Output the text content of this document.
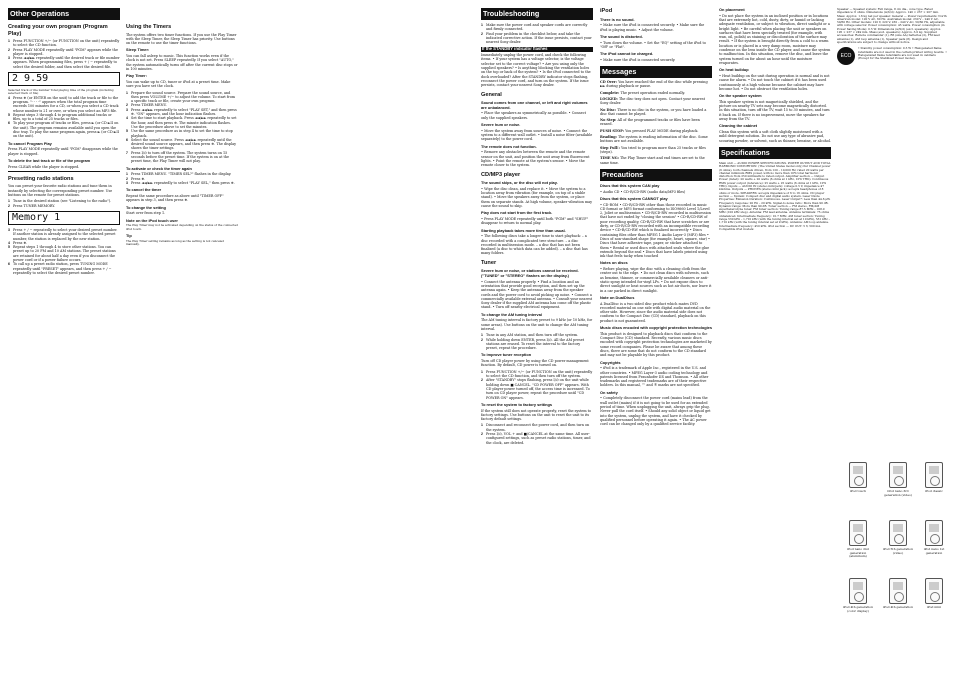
Other Operations
Creating your own program (Program Play)
1 Press FUNCTION +/− (or FUNCTION on the unit) repeatedly to select the CD function.
2 Press PLAY MODE repeatedly until "PGM" appears while the player is stopped.
3 Press ◄◄/►► repeatedly until the desired track or file number appears. When programming files, press + / − repeatedly to select the desired folder, and then select the desired file.
2 9.59
Selected track or file number Total playing time of the program (including selected track or file)
4 Press ⊕ (or ENTER on the unit) to add the track or file to the program. "- - - -" appears when the total program time exceeds 100 minutes for a CD, or when you select a CD track whose number is 21 or over, or when you select an MP3 file.
5 Repeat steps 3 through 4 to program additional tracks or files, up to a total of 25 tracks or files.
6 To play your program of tracks or files, press ► (or CD ►II on the unit). The program remains available until you open the disc tray. To play the same program again, press ► (or CD ►II on the unit).
To cancel Program Play

Press PLAY MODE repeatedly until "PGM" disappears while the player is stopped.

To delete the last track or file of the program

Press CLEAR while the player is stopped.

Presetting radio stations

You can preset your favorite radio stations and tune them in instantly by selecting the corresponding preset number. Use buttons on the remote for preset stations.

1 Tune in the desired station (see "Listening to the radio").
2 Press TUNER MEMORY.
Memory 1
3 Press + / − repeatedly to select your desired preset number. If another station is already assigned to the selected preset number, the station is replaced by the new station.
4 Press ⊕.
5 Repeat steps 1 through 4 to store other stations. You can preset up to 20 FM and 10 AM stations. The preset stations are retained for about half a day even if you disconnect the power cord or if a power failure occurs.
6 To call up a preset radio station, press TUNING MODE repeatedly until "PRESET" appears, and then press + / − repeatedly to select the desired preset number.
Using the Timers

The system offers two timer functions. If you use the Play Timer with the Sleep Timer, the Sleep Timer has priority. Use buttons on the remote to use the timer functions.

Sleep Timer:

You can fall asleep to music. This function works even if the clock is not set. Press SLEEP repeatedly. If you select "AUTO," the system automatically turns off after the current disc stops or in 100 minutes.

Play Timer:

You can wake up to CD, tuner or iPod at a preset time. Make sure you have set the clock.

1 Prepare the sound source. Prepare the sound source, and then press VOLUME +/− to adjust the volume. To start from a specific track or file, create your own program.
2 Press TIMER MENU.
3 Press ◄◄/►► repeatedly to select "PLAY SET," and then press ⊕. "ON" appears, and the hour indication flashes.
4 Set the time to start playback. Press ◄◄/►► repeatedly to set the hour, and then press ⊕. The minute indication flashes. Use the procedure above to set the minutes.
5 Use the same procedure as in step 4 to set the time to stop playback.
6 Select the sound source. Press ◄◄/►► repeatedly until the desired sound source appears, and then press ⊕. The display shows the timer settings.
7 Press I/⏻ to turn off the system. The system turns on 15 seconds before the preset time. If the system is on at the preset time, the Play Timer will not play.
To activate or check the timer again
1 Press TIMER MENU. "TIMER SEL?" flashes in the display.
2 Press ⊕.
3 Press ◄◄/►► repeatedly to select "PLAY SEL," then press ⊕.
To cancel the timer

Repeat the same procedure as above until "TIMER OFF" appears in step 3, and then press ⊕.

To change the setting

Start over from step 1.

Note on the iPod touch user

The Play Timer may not be activated depending on the status of the connected iPod touch.

Tip

The Play Timer setting remains as long as the setting is not canceled manually.

Troubleshooting
1 Make sure the power cord and speaker cords are correctly and firmly connected.
2 Find your problem in the checklist below, and take the indicated corrective action. If the issue persists, contact your nearest Sony dealer.
If the STANDBY indicator flashes

Immediately unplug the power cord, and check the following items. • If your system has a voltage selector, is the voltage selector set to the correct voltage? • Are you using only the supplied speakers? • Is anything blocking the ventilation holes on the top or back of the system? • Is the iPod connected to the dock overloaded? After the STANDBY indicator stops flashing, reconnect the power cord, and turn on the system. If the issue persists, contact your nearest Sony dealer.

General
Sound comes from one channel, or left and right volumes are unbalanced.

• Place the speakers as symmetrically as possible. • Connect only the supplied speakers.

Severe hum or noise.

• Move the system away from sources of noise. • Connect the system to a different wall outlet. • Install a noise filter (available separately) to the power cord.

The remote does not function.

• Remove any obstacles between the remote and the remote sensor on the unit, and position the unit away from fluorescent lights. • Point the remote at the system's sensor. • Move the remote closer to the system.

CD/MP3 player
The sound skips, or the disc will not play.

• Wipe the disc clean, and replace it. • Move the system to a location away from vibration (for example, on top of a stable stand). • Move the speakers away from the system, or place them on separate stands. At high volume, speaker vibration may cause the sound to skip.

Play does not start from the first track.

• Press PLAY MODE repeatedly until both "PGM" and "SHUF" disappear to return to normal play.

Starting playback takes more time than usual.

• The following discs take a longer time to start playback: – a disc recorded with a complicated tree structure. – a disc recorded in multisession mode. – a disc that has not been finalized (a disc to which data can be added). – a disc that has many folders.

Tuner
Severe hum or noise, or stations cannot be received. ("TUNED" or "STEREO" flashes on the display.)

• Connect the antenna properly. • Find a location and an orientation that provide good reception, and then set up the antenna again. • Keep the antennas away from the speaker cords and the power cord to avoid picking up noise. • Connect a commercially available external antenna. • Consult your nearest Sony dealer if the supplied AM antenna has come off the plastic stand. • Turn off nearby electrical equipment.

To change the AM tuning interval

The AM tuning interval is factory preset to 9 kHz (or 10 kHz, for some areas). Use buttons on the unit to change the AM tuning interval.

1 Tune in any AM station, and then turn off the system.
2 While holding down ENTER, press I/⏻. All the AM preset stations are erased. To reset the interval to the factory preset, repeat the procedure.
To improve tuner reception

Turn off CD player power by using the CD power management function. By default, CD power is turned on.

1 Press FUNCTION +/− (or FUNCTION on the unit) repeatedly to select the CD function, and then turn off the system.
2 After "STANDBY" stops flashing, press I/⏻ on the unit while holding down ■ CANCEL. "CD POWER OFF" appears. With CD player power turned off, the access time is increased. To turn on CD player power, repeat the procedure until "CD POWER ON" appears.
To reset the system to factory settings

If the system still does not operate properly, reset the system to factory settings. Use buttons on the unit to reset the unit to its factory default settings.

1 Disconnect and reconnect the power cord, and then turn on the system.
2 Press I/⏻, VOL + and ■/CANCEL at the same time. All user-configured settings, such as preset radio stations, timer, and the clock, are deleted.
iPod
There is no sound.

• Make sure the iPod is connected securely. • Make sure the iPod is playing music. • Adjust the volume.

The sound is distorted.

• Turn down the volume. • Set the "EQ" setting of the iPod to "Off" or "Flat".

The iPod cannot be charged.

• Make sure the iPod is connected securely.

Messages

CD Over: You have reached the end of the disc while pressing ►► during playback or pause.

Complete: The preset operation ended normally.

LOCKED: The disc tray does not open. Contact your nearest Sony dealer.

No Disc: There is no disc in the system, or you have loaded a disc that cannot be played.

No Step: All of the programmed tracks or files have been erased.

PUSH STOP: You pressed PLAY MODE during playback.

Reading: The system is reading information of the disc. Some buttons are not available.

Step Full!: You tried to program more than 25 tracks or files (steps).

TIME NG: The Play Timer start and end times are set to the same time.

Precautions
Discs that this system CAN play

• Audio CD • CD-R/CD-RW (audio data/MP3 files)

Discs that this system CANNOT play

• CD-ROM • CD-R/CD-RW other than those recorded in music CD format or MP3 format conforming to ISO9660 Level 1/Level 2, Joliet or multisession • CD-R/CD-RW recorded in multisession that have not ended by "closing the session" • CD-R/CD-RW of poor recording quality, CD-R/CD-RW that have scratches or are dirty, or CD-R/CD-RW recorded with an incompatible recording device • CD-R/CD-RW which is finalized incorrectly • Discs containing files other than MPEG 1 Audio Layer-3 (MP3) files • Discs of non-standard shape (for example, heart, square, star) • Discs that have adhesive tape, paper, or sticker attached to them • Rental or used discs with attached seals where the glue extends beyond the seal • Discs that have labels printed using ink that feels tacky when touched

Notes on discs

• Before playing, wipe the disc with a cleaning cloth from the center out to the edge. • Do not clean discs with solvents, such as benzine, thinner, or commercially available cleaners or anti-static spray intended for vinyl LPs. • Do not expose discs to direct sunlight or heat sources such as hot air ducts, nor leave it in a car parked in direct sunlight.

Note on DualDiscs

A DualDisc is a two sided disc product which mates DVD recorded material on one side with digital audio material on the other side. However, since the audio material side does not conform to the Compact Disc (CD) standard, playback on this product is not guaranteed.

Music discs encoded with copyright protection technologies

This product is designed to playback discs that conform to the Compact Disc (CD) standard. Recently, various music discs encoded with copyright protection technologies are marketed by some record companies. Please be aware that among these discs, there are some that do not conform to the CD standard and may not be playable by this product.

Copyrights

• iPod is a trademark of Apple Inc., registered in the U.S. and other countries. • MPEG Layer-3 audio coding technology and patents licensed from Fraunhofer IIS and Thomson. • All other trademarks and registered trademarks are of their respective holders. In this manual, ™ and ® marks are not specified.

On safety

• Completely disconnect the power cord (mains lead) from the wall outlet (mains) if it is not going to be used for an extended period of time. When unplugging the unit, always grip the plug. Never pull the cord itself. • Should any solid object or liquid get into the system, unplug the system, and have it checked by qualified personnel before operating it again. • The AC power cord can be changed only by a qualified service facility.

On placement

• Do not place the system in an inclined position or in locations that are extremely hot, cold, dusty, dirty, or humid or lacking adequate ventilation, or subject to vibration, direct sunlight or a bright light. • Be careful when placing the unit or speakers on surfaces that have been specially treated (for example, with wax, oil, polish) as staining or discoloration of the surface may result. • If the system is brought directly from a cold to a warm location or is placed in a very damp room, moisture may condense on the lens inside the CD player, and cause the system to malfunction. In this situation, remove the disc, and leave the system turned on for about an hour until the moisture evaporates.

On heat buildup

• Heat buildup on the unit during operation is normal and is not cause for alarm. • Do not touch the cabinet if it has been used continuously at a high volume because the cabinet may have become hot. • Do not obstruct the ventilation holes.

On the speaker system

This speaker system is not magnetically shielded, and the picture on nearby TV sets may become magnetically distorted. In this situation, turn off the TV, wait 15 to 30 minutes, and turn it back on. If there is no improvement, move the speakers far away from the TV.

Cleaning the cabinet

Clean this system with a soft cloth slightly moistened with a mild detergent solution. Do not use any type of abrasive pad, scouring powder, or solvent, such as thinner, benzine, or alcohol.

Specifications

Main unit — AUDIO POWER SPECIFICATIONS. POWER OUTPUT AND TOTAL HARMONIC DISTORTION: (The United States model only) Per Channel power (6 ohms), both channels driven, from 120 – 10,000 Hz; rated 20 watts per channel minimum RMS power, with no more than 10% total harmonic distortion from 250 milliwatts to rated output. Amplifier section — Output Power (rated): 20 watts + 20 watts (6 ohms at 1 kHz, 10% THD). Continuous RMS power output (reference): 25 watts + 25 watts (6 ohms at 1 kHz, 10% THD). Inputs — AUDIO IN (stereo mini jack): voltage 0.5 V, impedance 47 kilohms. Outputs — PHONES (stereo mini jack): accepts headphones of 8 ohms or more. SPEAKERS: accepts impedance of 6 to 16 ohms. CD player section — System: Compact disc and digital audio system. Laser Diode Properties: Emission Duration: Continuous. Laser Output*: Less than 44.6 μW. Frequency response: 20 Hz – 20 kHz. Signal-to-noise ratio: More than 90 dB. Dynamic range: More than 90 dB. Tuner section — FM stereo, FM/AM superheterodyne tuner. FM tuner section: Tuning range 87.5 MHz – 108.0 MHz (100 kHz step). Antenna: FM lead antenna. Antenna terminals: 75 ohms unbalanced. Intermediate frequency: 10.7 MHz. AM tuner section: Tuning range 530 kHz – 1,710 kHz (with the tuning interval set at 10 kHz), 531 kHz – 1,710 kHz (with the tuning interval set at 9 kHz). Antenna: AM loop antenna. Intermediate frequency: 450 kHz. iPod section — DC OUT: 5 V, 500 mA. Compatible iPod models:

Speaker — Speaker system: Full range, 8 cm dia., cone type. Rated impedance: 6 ohms. Dimensions (w/h/d): Approx. 140 × 237 × 207 mm. Mass: Approx. 1.6 kg net per speaker. General — Power requirements: North American model: 120 V AC, 60 Hz. Australian model: 230 V – 240 V AC, 50/60 Hz. Other models: 120 V, 220 V, 230 – 240 V AC, 50/60 Hz, adjustable with voltage selector. Power consumption: 45 watts. Power consumption (in Power Saving Mode): 0.5 W. Dimensions (w/h/d) (excl. speakers): Approx. 195 × 237 × 249 mm. Mass (excl. speakers): Approx. 3.0 kg. Supplied accessories: Remote commander (1), R6 (size AA) batteries (2), FM lead antenna (1), AM loop antenna (1), Speaker pads (8). Design and specifications are subject to change without notice.

ECO
• Standby power consumption: 0.5 W • Halogenated flame retardants are not used in the certain printed wiring boards. • Halogenated flame retardants are not used in cabinets (Except for the Stabilized Power model).
iPod touch	iPod nano 3rd generation (video)
iPod classic
iPod nano 2nd generation (aluminum)
iPod 5th generation (video)
iPod nano 1st generation
iPod 4th generation (color display)
iPod 4th generation	iPod mini
